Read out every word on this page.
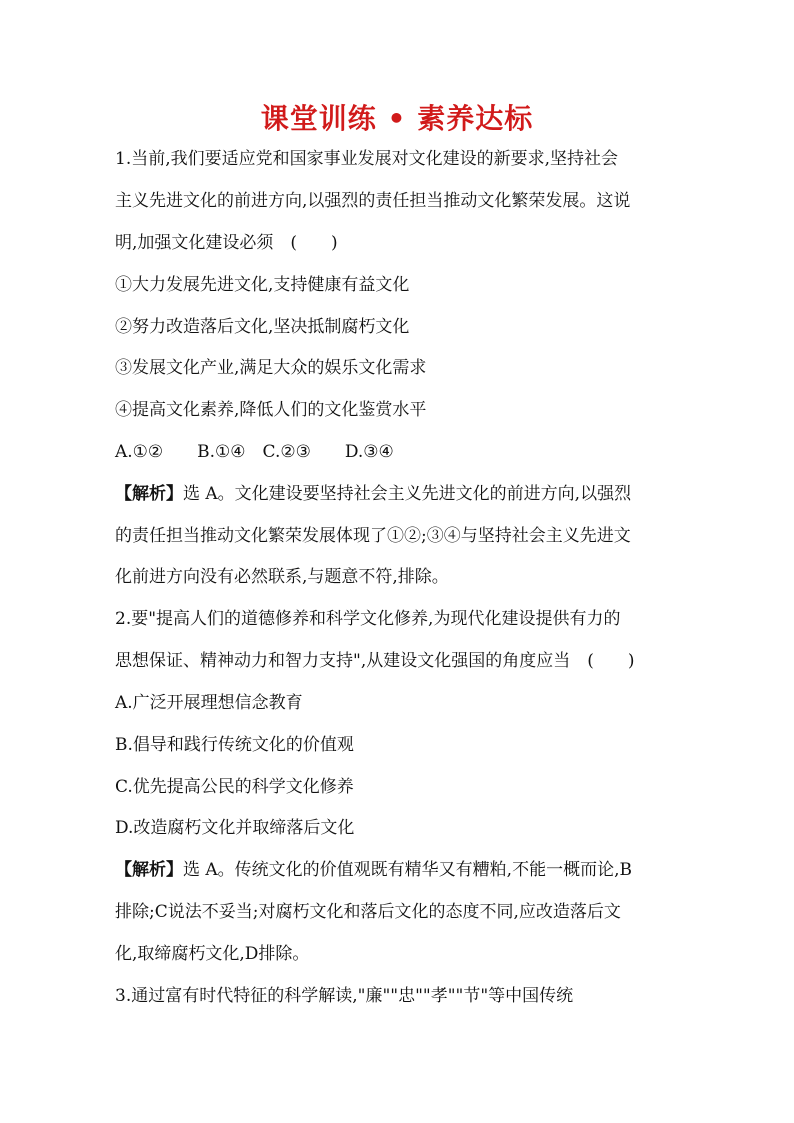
课堂训练 • 素养达标
1.当前,我们要适应党和国家事业发展对文化建设的新要求,坚持社会
主义先进文化的前进方向,以强烈的责任担当推动文化繁荣发展。这说
明,加强文化建设必须　(　　)
①大力发展先进文化,支持健康有益文化
②努力改造落后文化,坚决抵制腐朽文化
③发展文化产业,满足大众的娱乐文化需求
④提高文化素养,降低人们的文化鉴赏水平
A.①②　　B.①④　C.②③　　D.③④
【解析】选 A。文化建设要坚持社会主义先进文化的前进方向,以强烈
的责任担当推动文化繁荣发展体现了①②;③④与坚持社会主义先进文
化前进方向没有必然联系,与题意不符,排除。
2.要"提高人们的道德修养和科学文化修养,为现代化建设提供有力的
思想保证、精神动力和智力支持",从建设文化强国的角度应当　(　　)
A.广泛开展理想信念教育
B.倡导和践行传统文化的价值观
C.优先提高公民的科学文化修养
D.改造腐朽文化并取缔落后文化
【解析】选 A。传统文化的价值观既有精华又有糟粕,不能一概而论,B
排除;C说法不妥当;对腐朽文化和落后文化的态度不同,应改造落后文
化,取缔腐朽文化,D排除。
3.通过富有时代特征的科学解读,"廉""忠""孝""节"等中国传统
